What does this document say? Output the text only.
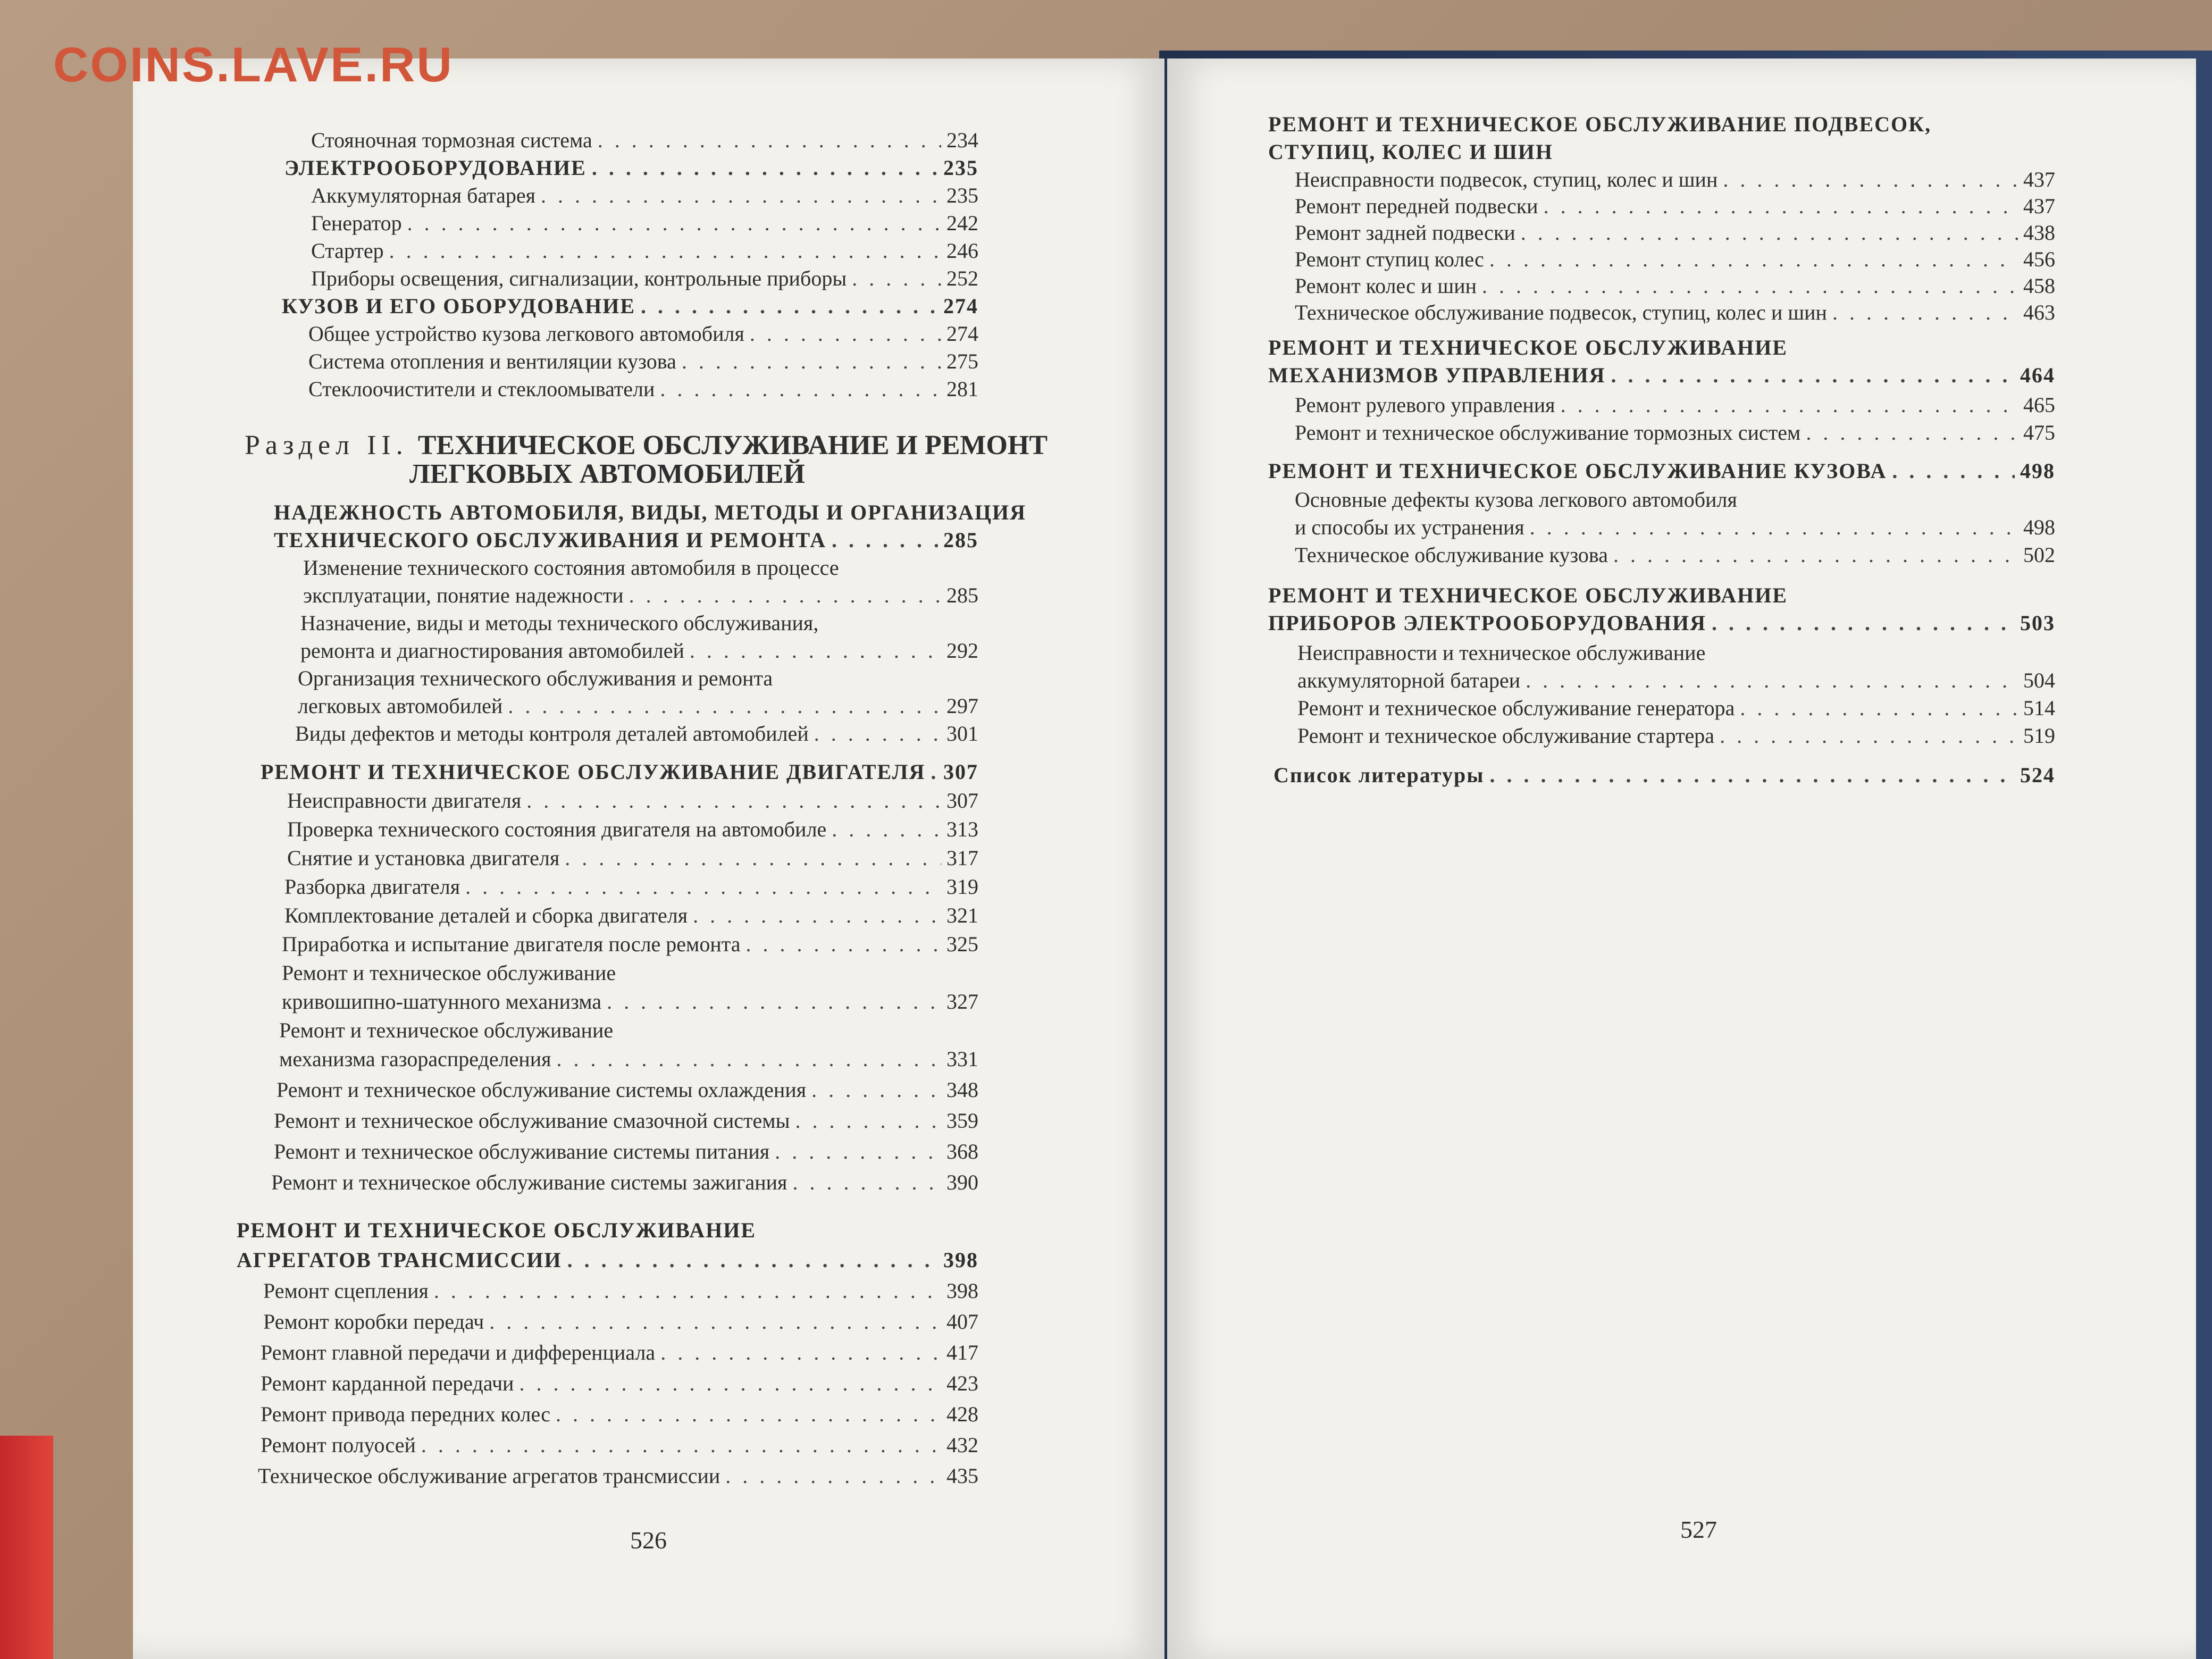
Стояночная тормозная система . . .	234
ЭЛЕКТРООБОРУДОВАНИЕ . . .	235
Аккумуляторная батарея . . .	235
Генератор . . .	242
Стартер . . .	246
Приборы освещения, сигнализации, контрольные приборы . . .	252
КУЗОВ И ЕГО ОБОРУДОВАНИЕ . . .	274
Общее устройство кузова легкового автомобиля . . .	274
Система отопления и вентиляции кузова . . .	275
Стеклоочистители и стеклоомыватели . . .	281
Раздел II. ТЕХНИЧЕСКОЕ ОБСЛУЖИВАНИЕ И РЕМОНТ
ЛЕГКОВЫХ АВТОМОБИЛЕЙ
НАДЕЖНОСТЬ АВТОМОБИЛЯ, ВИДЫ, МЕТОДЫ И ОРГАНИЗАЦИЯ
ТЕХНИЧЕСКОГО ОБСЛУЖИВАНИЯ И РЕМОНТА . . .	285
Изменение технического состояния автомобиля в процессе
эксплуатации, понятие надежности . . .	285
Назначение, виды и методы технического обслуживания,
ремонта и диагностирования автомобилей . . .	292
Организация технического обслуживания и ремонта
легковых автомобилей . . .	297
Виды дефектов и методы контроля деталей автомобилей . . .	301
РЕМОНТ И ТЕХНИЧЕСКОЕ ОБСЛУЖИВАНИЕ ДВИГАТЕЛЯ . . . 307
Неисправности двигателя . . .	307
Проверка технического состояния двигателя на автомобиле . . .	313
Снятие и установка двигателя . . .	317
Разборка двигателя . . .	319
Комплектование деталей и сборка двигателя . . .	321
Приработка и испытание двигателя после ремонта . . .	325
Ремонт и техническое обслуживание
кривошипно-шатунного механизма . . .	327
Ремонт и техническое обслуживание
механизма газораспределения . . .	331
Ремонт и техническое обслуживание системы охлаждения . . .	348
Ремонт и техническое обслуживание смазочной системы . . .	359
Ремонт и техническое обслуживание системы питания . . .	368
Ремонт и техническое обслуживание системы зажигания . . .	390
РЕМОНТ И ТЕХНИЧЕСКОЕ ОБСЛУЖИВАНИЕ
АГРЕГАТОВ ТРАНСМИССИИ . . .	398
Ремонт сцепления . . .	398
Ремонт коробки передач . . .	407
Ремонт главной передачи и дифференциала . . .	417
Ремонт карданной передачи . . .	423
Ремонт привода передних колес . . .	428
Ремонт полуосей . . .	432
Техническое обслуживание агрегатов трансмиссии . . .	435
526
РЕМОНТ И ТЕХНИЧЕСКОЕ ОБСЛУЖИВАНИЕ ПОДВЕСОК,
СТУПИЦ, КОЛЕС И ШИН
Неисправности подвесок, ступиц, колес и шин . . .	437
Ремонт передней подвески . . .	437
Ремонт задней подвески . . .	438
Ремонт ступиц колес . . .	456
Ремонт колес и шин . . .	458
Техническое обслуживание подвесок, ступиц, колес и шин . . .	463
РЕМОНТ И ТЕХНИЧЕСКОЕ ОБСЛУЖИВАНИЕ
МЕХАНИЗМОВ УПРАВЛЕНИЯ . . .	464
Ремонт рулевого управления . . .	465
Ремонт и техническое обслуживание тормозных систем . . .	475
РЕМОНТ И ТЕХНИЧЕСКОЕ ОБСЛУЖИВАНИЕ КУЗОВА . . .	498
Основные дефекты кузова легкового автомобиля
и способы их устранения . . .	498
Техническое обслуживание кузова . . .	502
РЕМОНТ И ТЕХНИЧЕСКОЕ ОБСЛУЖИВАНИЕ
ПРИБОРОВ ЭЛЕКТРООБОРУДОВАНИЯ . . .	503
Неисправности и техническое обслуживание
аккумуляторной батареи . . .	504
Ремонт и техническое обслуживание генератора . . .	514
Ремонт и техническое обслуживание стартера . . .	519
Список литературы . . .	524
527

COINS.LAVE.RU
